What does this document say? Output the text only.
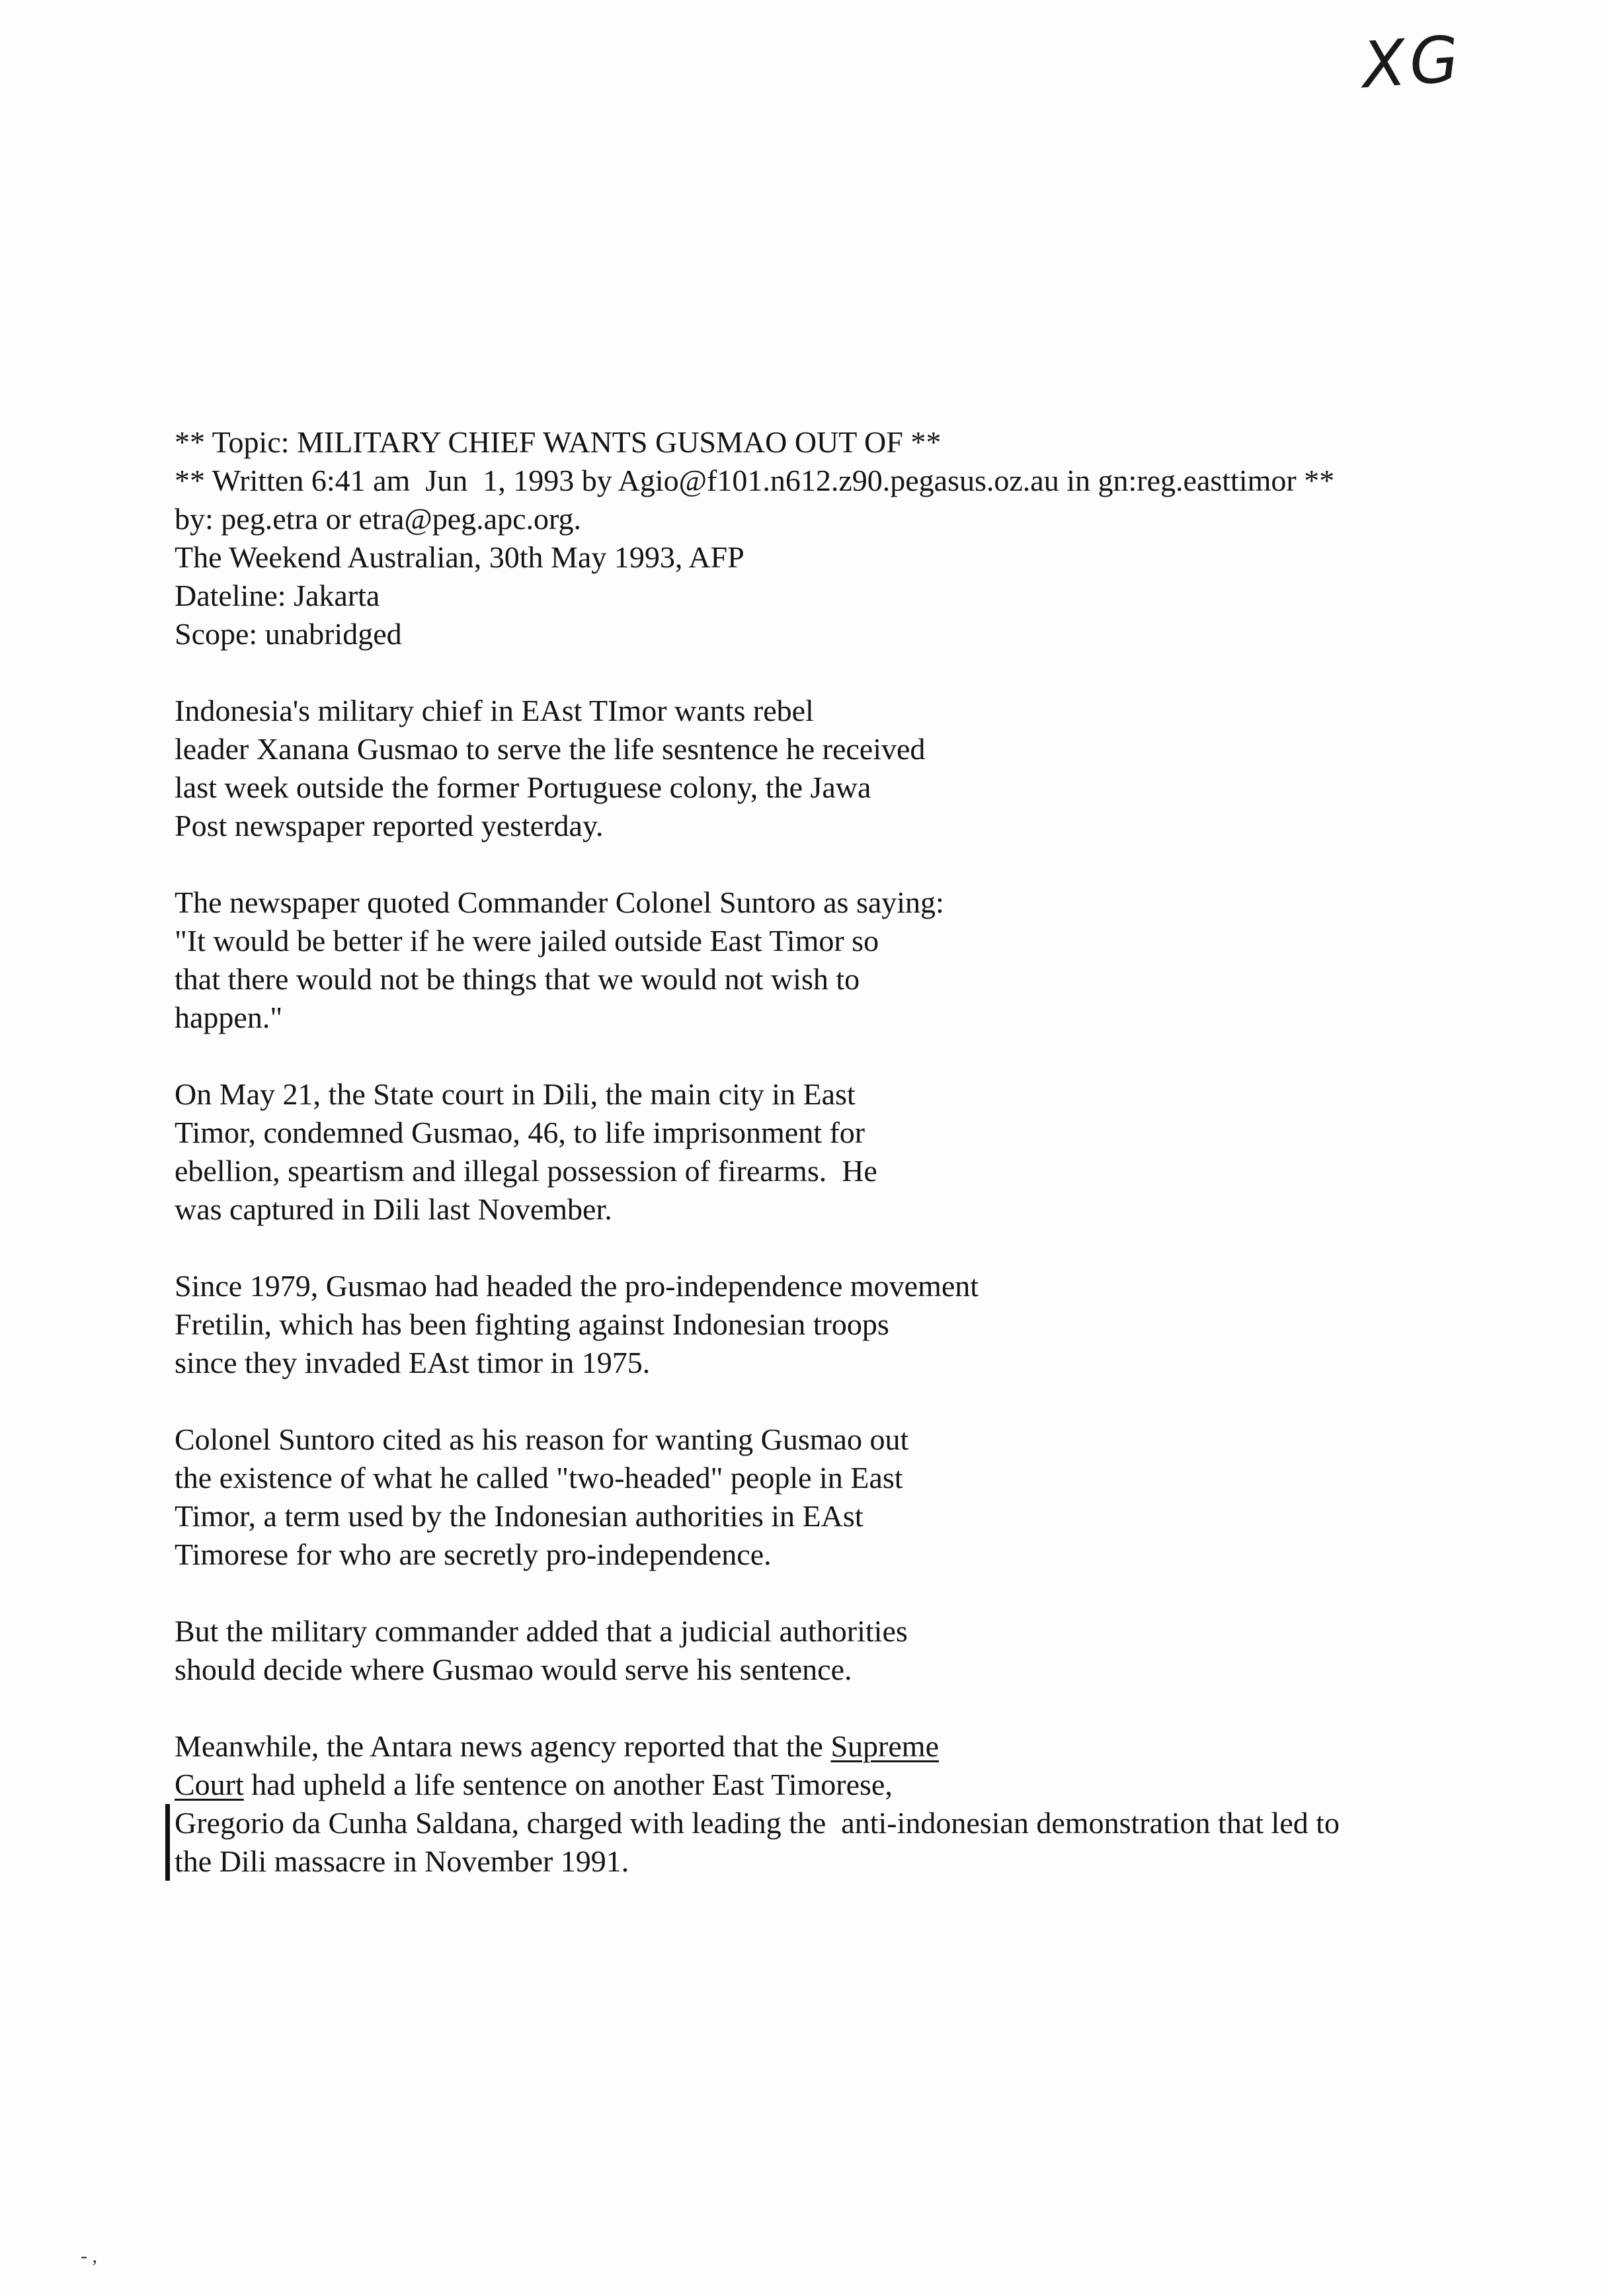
XG
** Topic: MILITARY CHIEF WANTS GUSMAO OUT OF **
** Written 6:41 am  Jun  1, 1993 by Agio@f101.n612.z90.pegasus.oz.au in gn:reg.easttimor **
by: peg.etra or etra@peg.apc.org.
The Weekend Australian, 30th May 1993, AFP
Dateline: Jakarta
Scope: unabridged
Indonesia's military chief in EAst TImor wants rebel
leader Xanana Gusmao to serve the life sesntence he received
last week outside the former Portuguese colony, the Jawa
Post newspaper reported yesterday.
The newspaper quoted Commander Colonel Suntoro as saying:
"It would be better if he were jailed outside East Timor so
that there would not be things that we would not wish to
happen."
On May 21, the State court in Dili, the main city in East
Timor, condemned Gusmao, 46, to life imprisonment for
ebellion, speartism and illegal possession of firearms.  He
was captured in Dili last November.
Since 1979, Gusmao had headed the pro-independence movement
Fretilin, which has been fighting against Indonesian troops
since they invaded EAst timor in 1975.
Colonel Suntoro cited as his reason for wanting Gusmao out
the existence of what he called "two-headed" people in East
Timor, a term used by the Indonesian authorities in EAst
Timorese for who are secretly pro-independence.
But the military commander added that a judicial authorities
should decide where Gusmao would serve his sentence.
Meanwhile, the Antara news agency reported that the Supreme
Court had upheld a life sentence on another East Timorese,
Gregorio da Cunha Saldana, charged with leading the  anti-indonesian demonstration that led to
the Dili massacre in November 1991.
- ,
